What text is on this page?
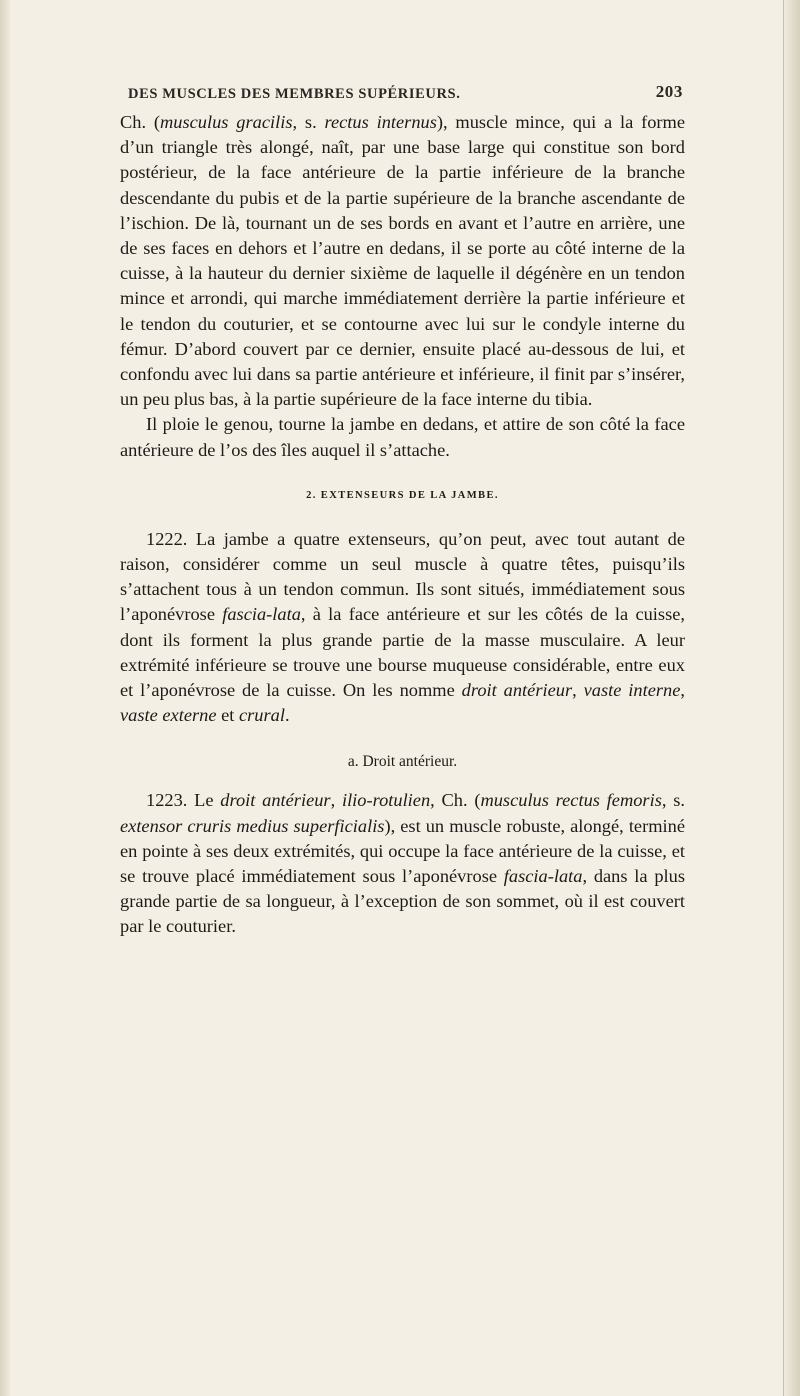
DES MUSCLES DES MEMBRES SUPÉRIEURS.	203

Ch. (musculus gracilis, s. rectus internus), muscle mince, qui a la forme d’un triangle très alongé, naît, par une base large qui constitue son bord postérieur, de la face antérieure de la partie inférieure de la branche descendante du pubis et de la partie supérieure de la branche ascendante de l’ischion. De là, tournant un de ses bords en avant et l’autre en arrière, une de ses faces en dehors et l’autre en dedans, il se porte au côté interne de la cuisse, à la hauteur du dernier sixième de laquelle il dégénère en un tendon mince et arrondi, qui marche immédiatement derrière la partie inférieure et le tendon du couturier, et se contourne avec lui sur le condyle interne du fémur. D’abord couvert par ce dernier, ensuite placé au-dessous de lui, et confondu avec lui dans sa partie antérieure et inférieure, il finit par s’insérer, un peu plus bas, à la partie supérieure de la face interne du tibia.

Il ploie le genou, tourne la jambe en dedans, et attire de son côté la face antérieure de l’os des îles auquel il s’attache.

2. EXTENSEURS DE LA JAMBE.

1222. La jambe a quatre extenseurs, qu’on peut, avec tout autant de raison, considérer comme un seul muscle à quatre têtes, puisqu’ils s’attachent tous à un tendon commun. Ils sont situés, immédiatement sous l’aponévrose fascia-lata, à la face antérieure et sur les côtés de la cuisse, dont ils forment la plus grande partie de la masse musculaire. A leur extrémité inférieure se trouve une bourse muqueuse considérable, entre eux et l’aponévrose de la cuisse. On les nomme droit antérieur, vaste interne, vaste externe et crural.

a. Droit antérieur.

1223. Le droit antérieur, ilio-rotulien, Ch. (musculus rectus femoris, s. extensor cruris medius superficialis), est un muscle robuste, alongé, terminé en pointe à ses deux extrémités, qui occupe la face antérieure de la cuisse, et se trouve placé immédiatement sous l’aponévrose fascia-lata, dans la plus grande partie de sa longueur, à l’exception de son sommet, où il est couvert par le couturier.
